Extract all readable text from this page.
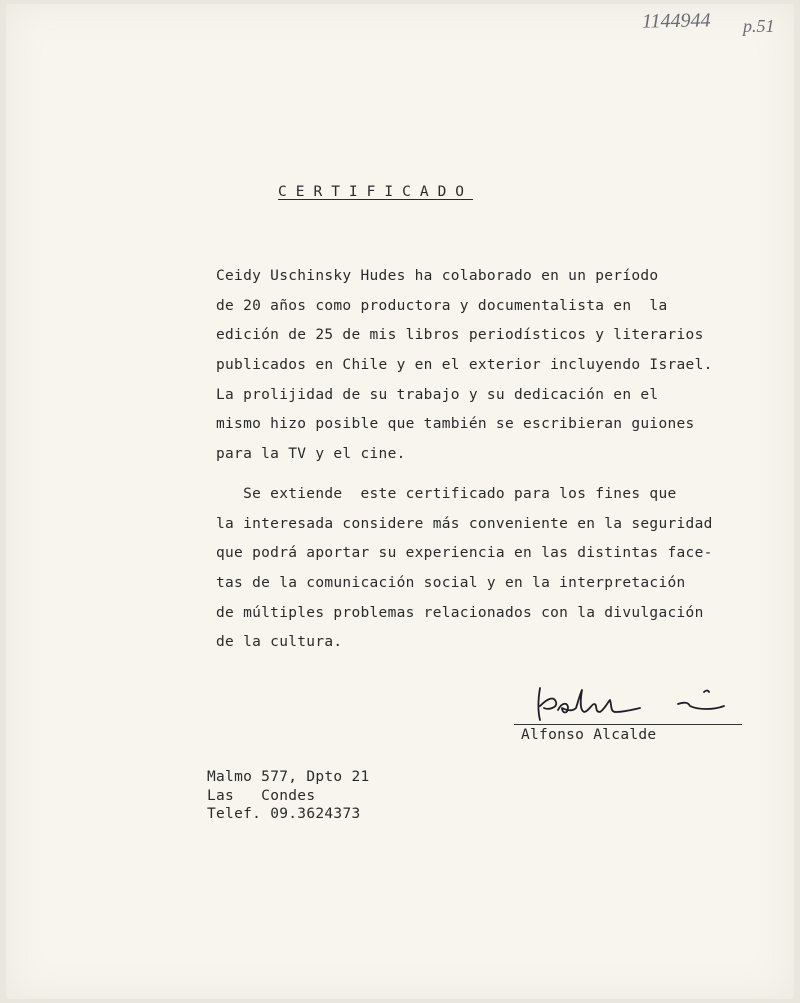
1144944 p.51
CERTIFICADO
Ceidy Uschinsky Hudes ha colaborado en un período
de 20 años como productora y documentalista en  la
edición de 25 de mis libros periodísticos y literarios
publicados en Chile y en el exterior incluyendo Israel.
La prolijidad de su trabajo y su dedicación en el
mismo hizo posible que también se escribieran guiones
para la TV y el cine.
Se extiende  este certificado para los fines que
la interesada considere más conveniente en la seguridad
que podrá aportar su experiencia en las distintas face-
tas de la comunicación social y en la interpretación
de múltiples problemas relacionados con la divulgación
de la cultura.
Alfonso Alcalde
Malmo 577, Dpto 21
Las   Condes
Telef. 09.3624373
